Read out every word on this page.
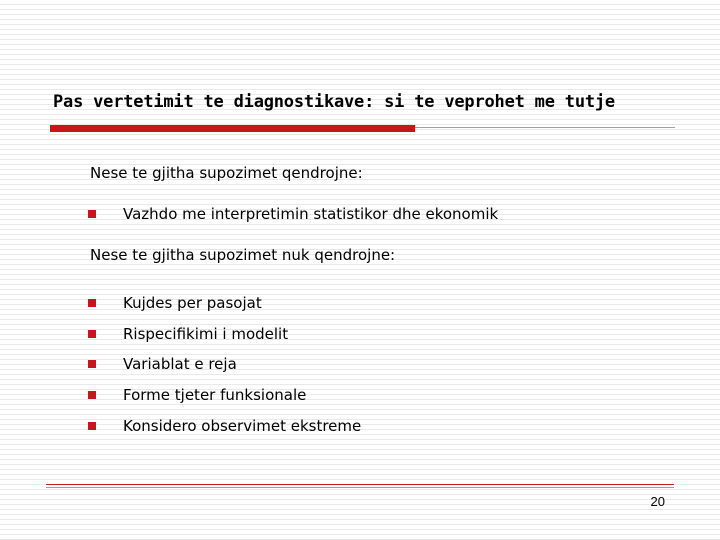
Pas vertetimit te diagnostikave: si te veprohet me tutje
Nese te gjitha supozimet qendrojne:
Vazhdo me interpretimin statistikor dhe ekonomik
Nese te gjitha supozimet nuk qendrojne:
Kujdes per pasojat
Rispecifikimi i modelit
Variablat e reja
Forme tjeter funksionale
Konsidero observimet ekstreme
20
